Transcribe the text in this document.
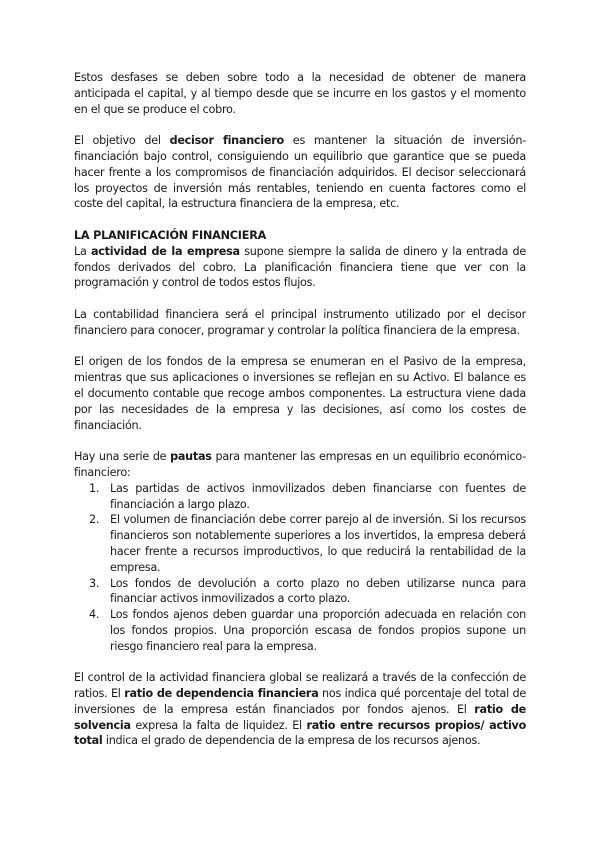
Estos desfases se deben sobre todo a la necesidad de obtener de manera anticipada el capital, y al tiempo desde que se incurre en los gastos y el momento en el que se produce el cobro.

El objetivo del decisor financiero es mantener la situación de inversión-financiación bajo control, consiguiendo un equilibrio que garantice que se pueda hacer frente a los compromisos de financiación adquiridos. El decisor seleccionará los proyectos de inversión más rentables, teniendo en cuenta factores como el coste del capital, la estructura financiera de la empresa, etc.

LA PLANIFICACIÓN FINANCIERA

La actividad de la empresa supone siempre la salida de dinero y la entrada de fondos derivados del cobro. La planificación financiera tiene que ver con la programación y control de todos estos flujos.

La contabilidad financiera será el principal instrumento utilizado por el decisor financiero para conocer, programar y controlar la política financiera de la empresa.

El origen de los fondos de la empresa se enumeran en el Pasivo de la empresa, mientras que sus aplicaciones o inversiones se reflejan en su Activo. El balance es el documento contable que recoge ambos componentes. La estructura viene dada por las necesidades de la empresa y las decisiones, así como los costes de financiación.

Hay una serie de pautas para mantener las empresas en un equilibrio económico-financiero:

1. Las partidas de activos inmovilizados deben financiarse con fuentes de financiación a largo plazo.
2. El volumen de financiación debe correr parejo al de inversión. Si los recursos financieros son notablemente superiores a los invertidos, la empresa deberá hacer frente a recursos improductivos, lo que reducirá la rentabilidad de la empresa.
3. Los fondos de devolución a corto plazo no deben utilizarse nunca para financiar activos inmovilizados a corto plazo.
4. Los fondos ajenos deben guardar una proporción adecuada en relación con los fondos propios. Una proporción escasa de fondos propios supone un riesgo financiero real para la empresa.

El control de la actividad financiera global se realizará a través de la confección de ratios. El ratio de dependencia financiera nos indica qué porcentaje del total de inversiones de la empresa están financiados por fondos ajenos. El ratio de solvencia expresa la falta de liquidez. El ratio entre recursos propios/ activo total indica el grado de dependencia de la empresa de los recursos ajenos.
